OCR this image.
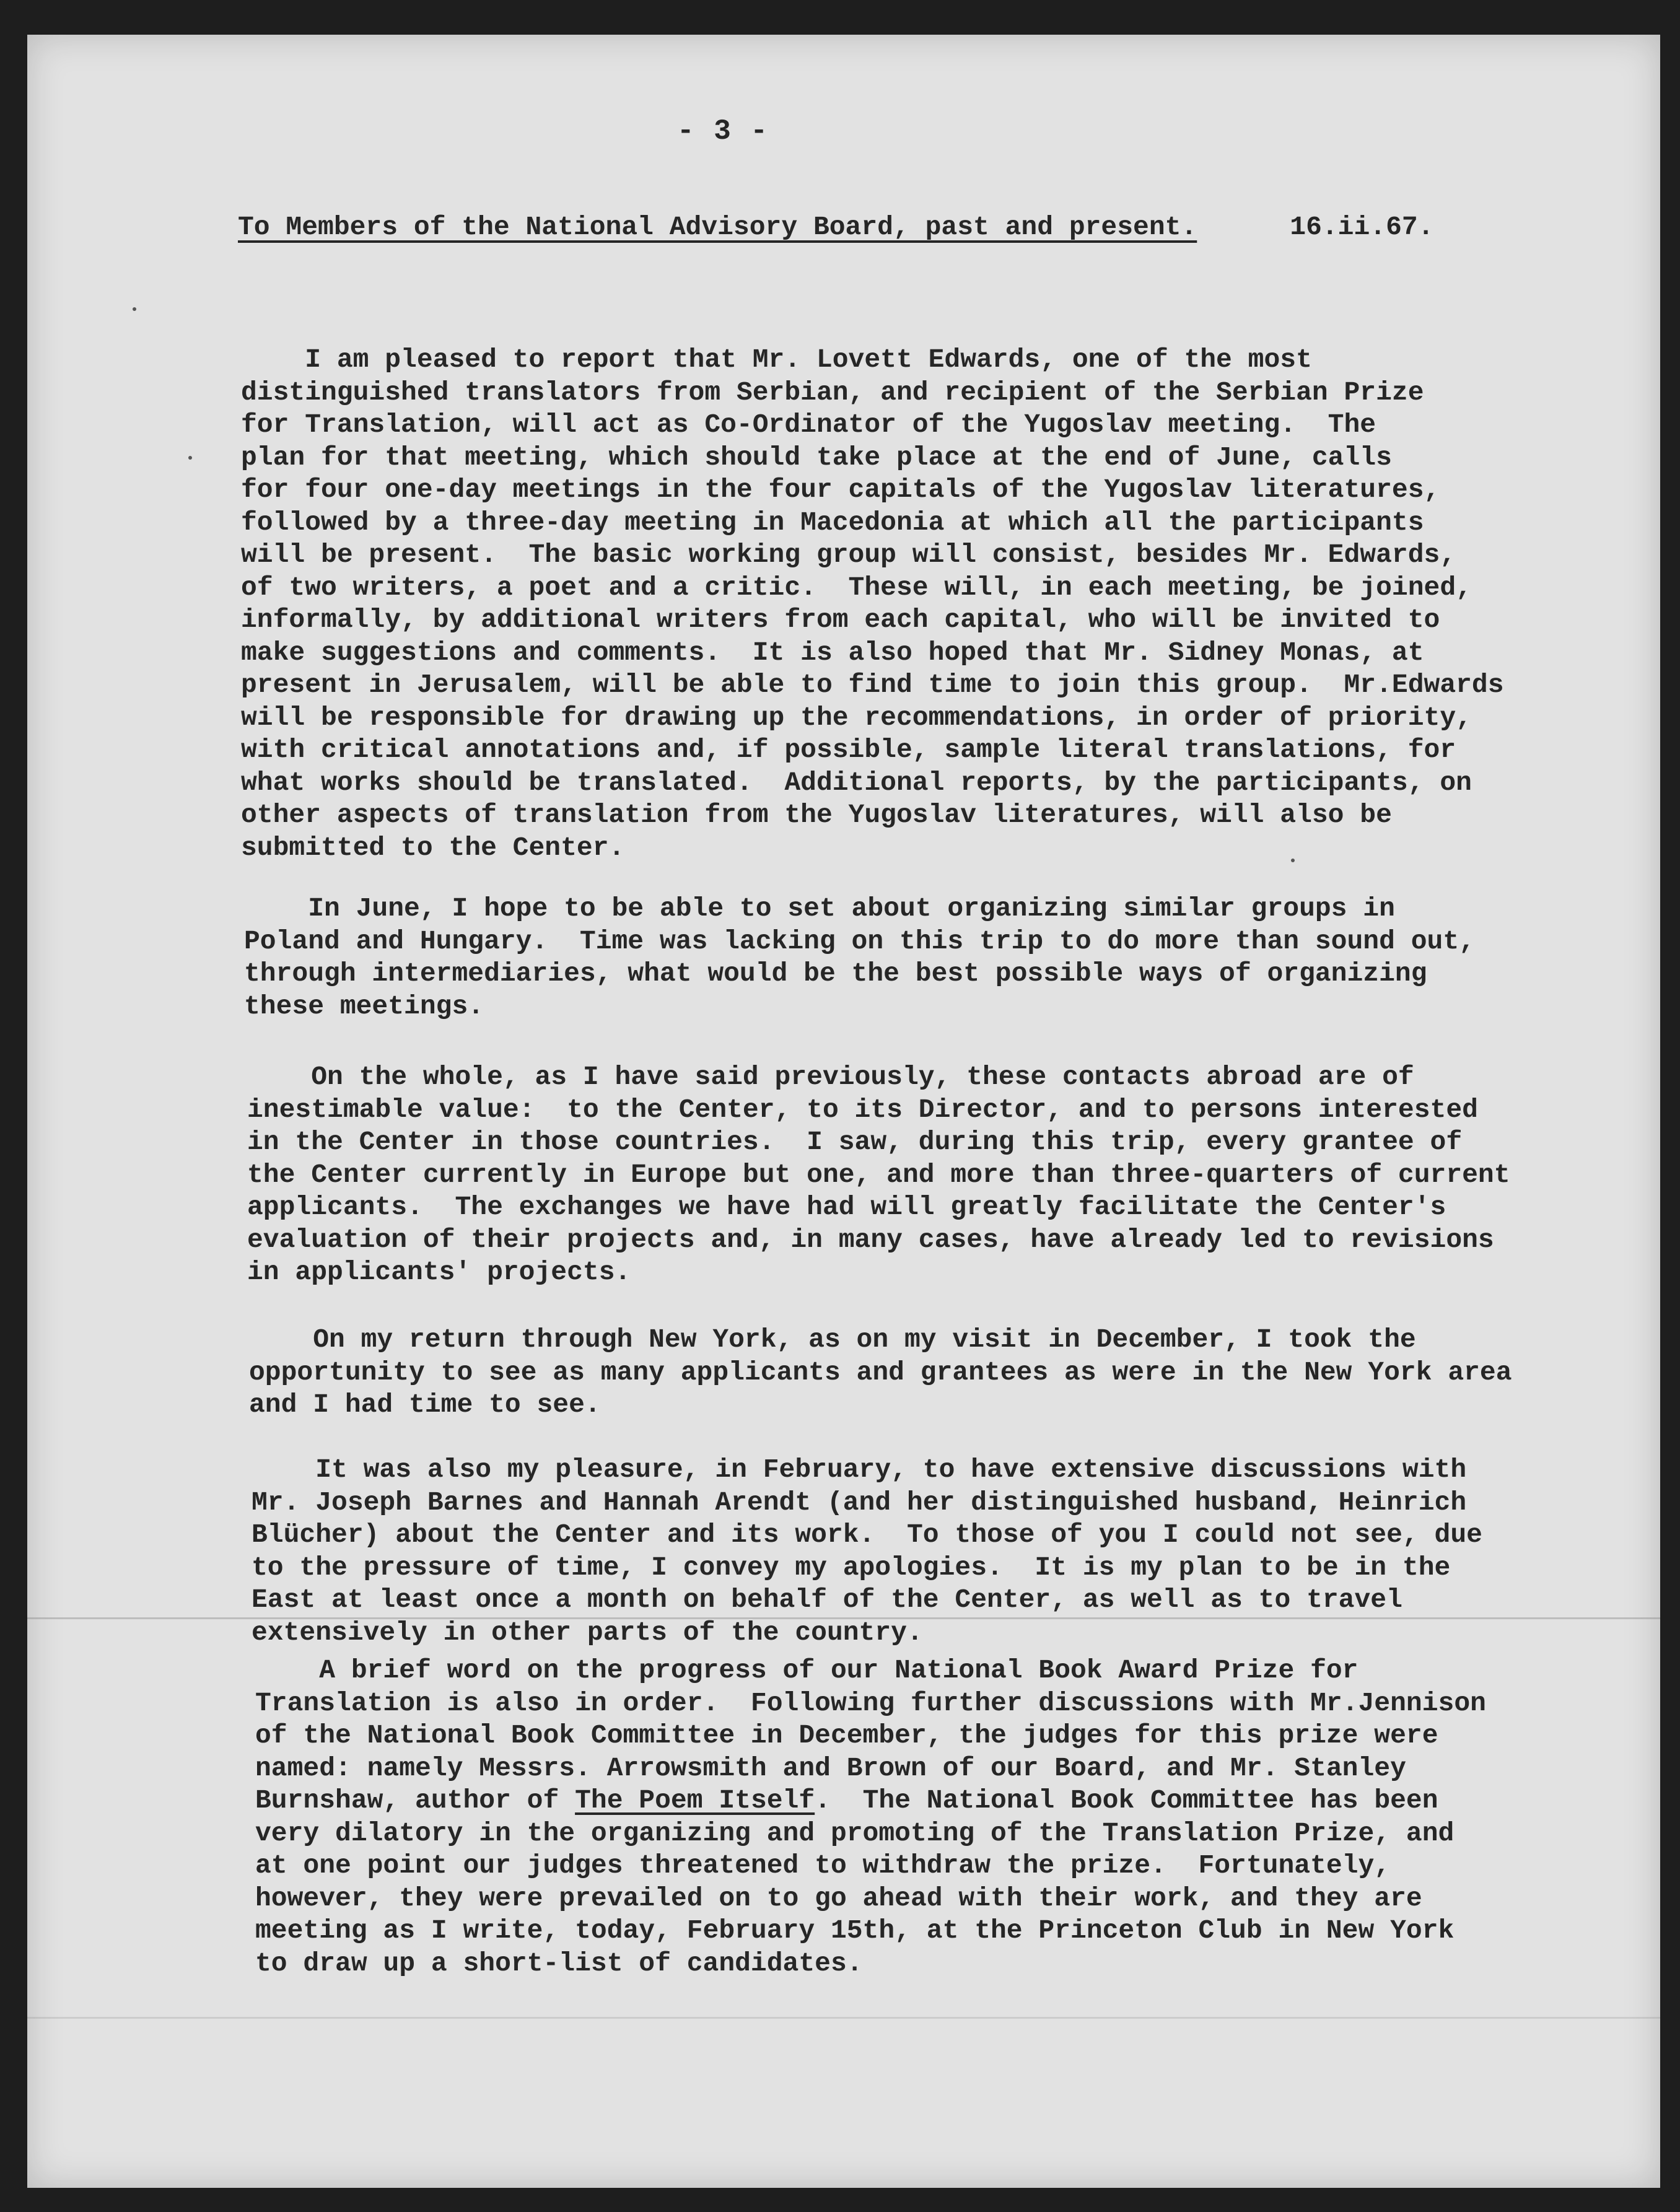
- 3 -
To Members of the National Advisory Board, past and present.	16.ii.67.

I am pleased to report that Mr. Lovett Edwards, one of the most
distinguished translators from Serbian, and recipient of the Serbian Prize
for Translation, will act as Co-Ordinator of the Yugoslav meeting.  The
plan for that meeting, which should take place at the end of June, calls
for four one-day meetings in the four capitals of the Yugoslav literatures,
followed by a three-day meeting in Macedonia at which all the participants
will be present.  The basic working group will consist, besides Mr. Edwards,
of two writers, a poet and a critic.  These will, in each meeting, be joined,
informally, by additional writers from each capital, who will be invited to
make suggestions and comments.  It is also hoped that Mr. Sidney Monas, at
present in Jerusalem, will be able to find time to join this group.  Mr.Edwards
will be responsible for drawing up the recommendations, in order of priority,
with critical annotations and, if possible, sample literal translations, for
what works should be translated.  Additional reports, by the participants, on
other aspects of translation from the Yugoslav literatures, will also be
submitted to the Center.

In June, I hope to be able to set about organizing similar groups in
Poland and Hungary.  Time was lacking on this trip to do more than sound out,
through intermediaries, what would be the best possible ways of organizing
these meetings.

On the whole, as I have said previously, these contacts abroad are of
inestimable value:  to the Center, to its Director, and to persons interested
in the Center in those countries.  I saw, during this trip, every grantee of
the Center currently in Europe but one, and more than three-quarters of current
applicants.  The exchanges we have had will greatly facilitate the Center's
evaluation of their projects and, in many cases, have already led to revisions
in applicants' projects.

On my return through New York, as on my visit in December, I took the
opportunity to see as many applicants and grantees as were in the New York area
and I had time to see.

It was also my pleasure, in February, to have extensive discussions with
Mr. Joseph Barnes and Hannah Arendt (and her distinguished husband, Heinrich
Blücher) about the Center and its work.  To those of you I could not see, due
to the pressure of time, I convey my apologies.  It is my plan to be in the
East at least once a month on behalf of the Center, as well as to travel
extensively in other parts of the country.

A brief word on the progress of our National Book Award Prize for
Translation is also in order.  Following further discussions with Mr.Jennison
of the National Book Committee in December, the judges for this prize were
named: namely Messrs. Arrowsmith and Brown of our Board, and Mr. Stanley
Burnshaw, author of The Poem Itself.  The National Book Committee has been
very dilatory in the organizing and promoting of the Translation Prize, and
at one point our judges threatened to withdraw the prize.  Fortunately,
however, they were prevailed on to go ahead with their work, and they are
meeting as I write, today, February 15th, at the Princeton Club in New York
to draw up a short-list of candidates.
